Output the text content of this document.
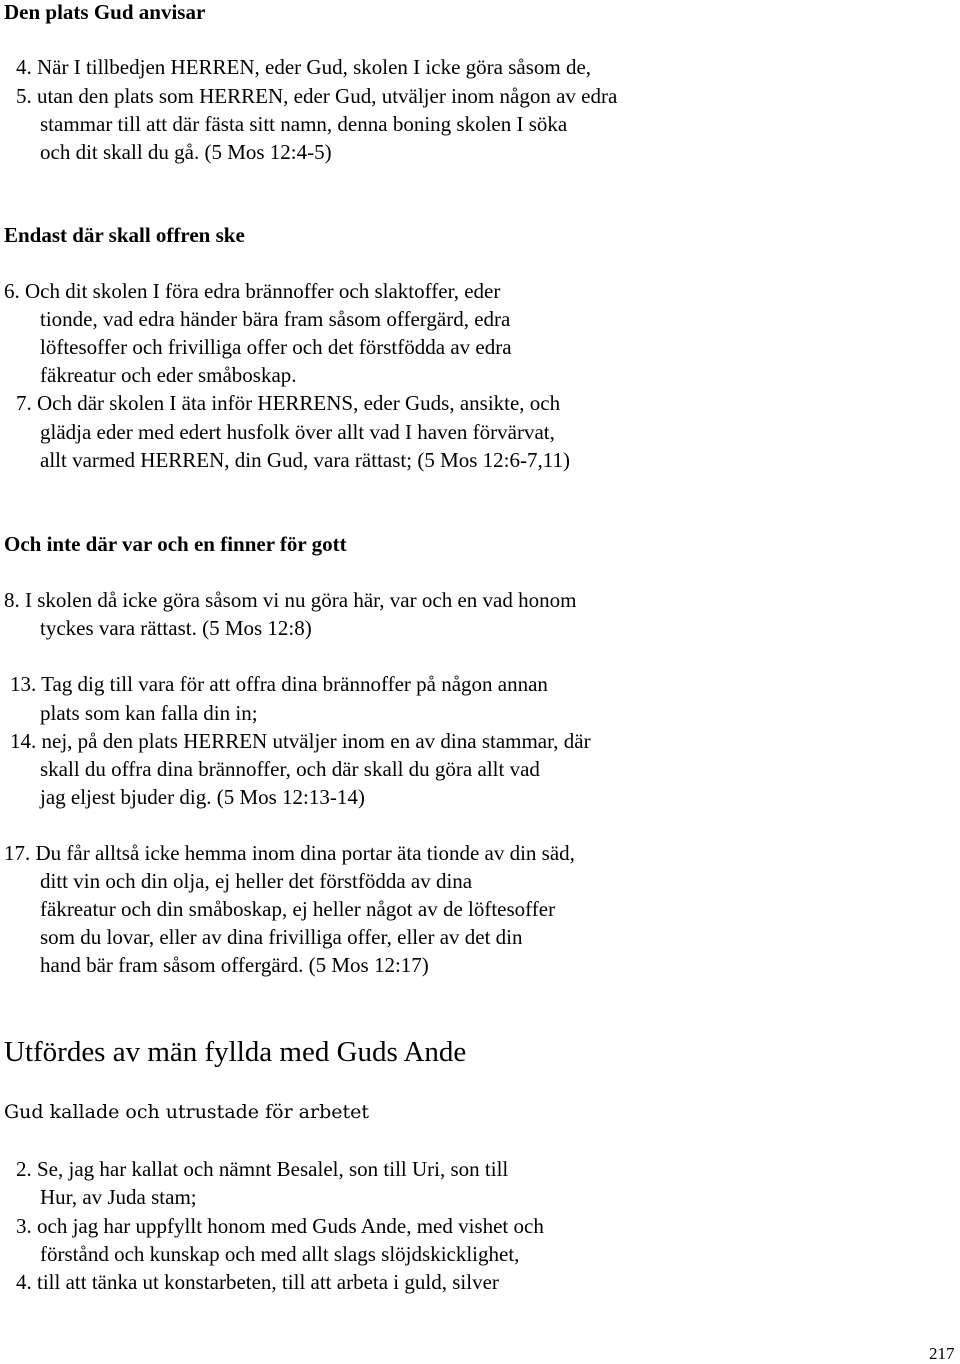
Den plats Gud anvisar
4. När I tillbedjen HERREN, eder Gud, skolen I icke göra såsom de,
5. utan den plats som HERREN, eder Gud, utväljer inom någon av edra
stammar till att där fästa sitt namn, denna boning skolen I söka
och dit skall du gå. (5 Mos 12:4-5)
Endast där skall offren ske
6. Och dit skolen I föra edra brännoffer och slaktoffer, eder
tionde, vad edra händer bära fram såsom offergärd, edra
löftesoffer och frivilliga offer och det förstfödda av edra
fäkreatur och eder småboskap.
7. Och där skolen I äta inför HERRENS, eder Guds, ansikte, och
glädja eder med edert husfolk över allt vad I haven förvärvat,
allt varmed HERREN, din Gud, vara rättast; (5 Mos 12:6-7,11)
Och inte där var och en finner för gott
8. I skolen då icke göra såsom vi nu göra här, var och en vad honom
tyckes vara rättast. (5 Mos 12:8)
13. Tag dig till vara för att offra dina brännoffer på någon annan
plats som kan falla din in;
14. nej, på den plats HERREN utväljer inom en av dina stammar, där
skall du offra dina brännoffer, och där skall du göra allt vad
jag eljest bjuder dig. (5 Mos 12:13-14)
17. Du får alltså icke hemma inom dina portar äta tionde av din säd,
ditt vin och din olja, ej heller det förstfödda av dina
fäkreatur och din småboskap, ej heller något av de löftesoffer
som du lovar, eller av dina frivilliga offer, eller av det din
hand bär fram såsom offergärd. (5 Mos 12:17)
Utfördes av män fyllda med Guds Ande
Gud kallade och utrustade för arbetet
2. Se, jag har kallat och nämnt Besalel, son till Uri, son till
Hur, av Juda stam;
3. och jag har uppfyllt honom med Guds Ande, med vishet och
förstånd och kunskap och med allt slags slöjdskicklighet,
4. till att tänka ut konstarbeten, till att arbeta i guld, silver
217
